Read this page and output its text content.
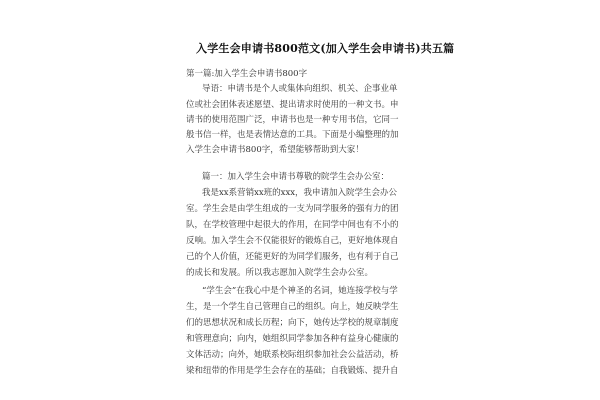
入学生会申请书800范文(加入学生会申请书)共五篇
第一篇:加入学生会申请书800字
导语：申请书是个人或集体向组织、机关、企事业单
位或社会团体表述愿望、提出请求时使用的一种文书。申
请书的使用范围广泛，申请书也是一种专用书信，它同一
般书信一样，也是表情达意的工具。下面是小编整理的加
入学生会申请书800字，希望能够帮助到大家！
篇一：加入学生会申请书尊敬的院学生会办公室：
我是xx系营销xx班的xxx，我申请加入院学生会办公
室。学生会是由学生组成的一支为同学服务的强有力的团
队，在学校管理中起很大的作用，在同学中间也有不小的
反响。加入学生会不仅能很好的锻炼自己，更好地体现自
己的个人价值，还能更好的为同学们服务，也有利于自己
的成长和发展。所以我志愿加入院学生会办公室。
“学生会”在我心中是个神圣的名词，她连接学校与学
生，是一个学生自己管理自己的组织。向上，她反映学生
们的思想状况和成长历程；向下，她传达学校的规章制度
和管理意向；向内，她组织同学参加各种有益身心健康的
文体活动；向外，她联系校际组织参加社会公益活动，桥
梁和纽带的作用是学生会存在的基础；自我锻炼、提升自
